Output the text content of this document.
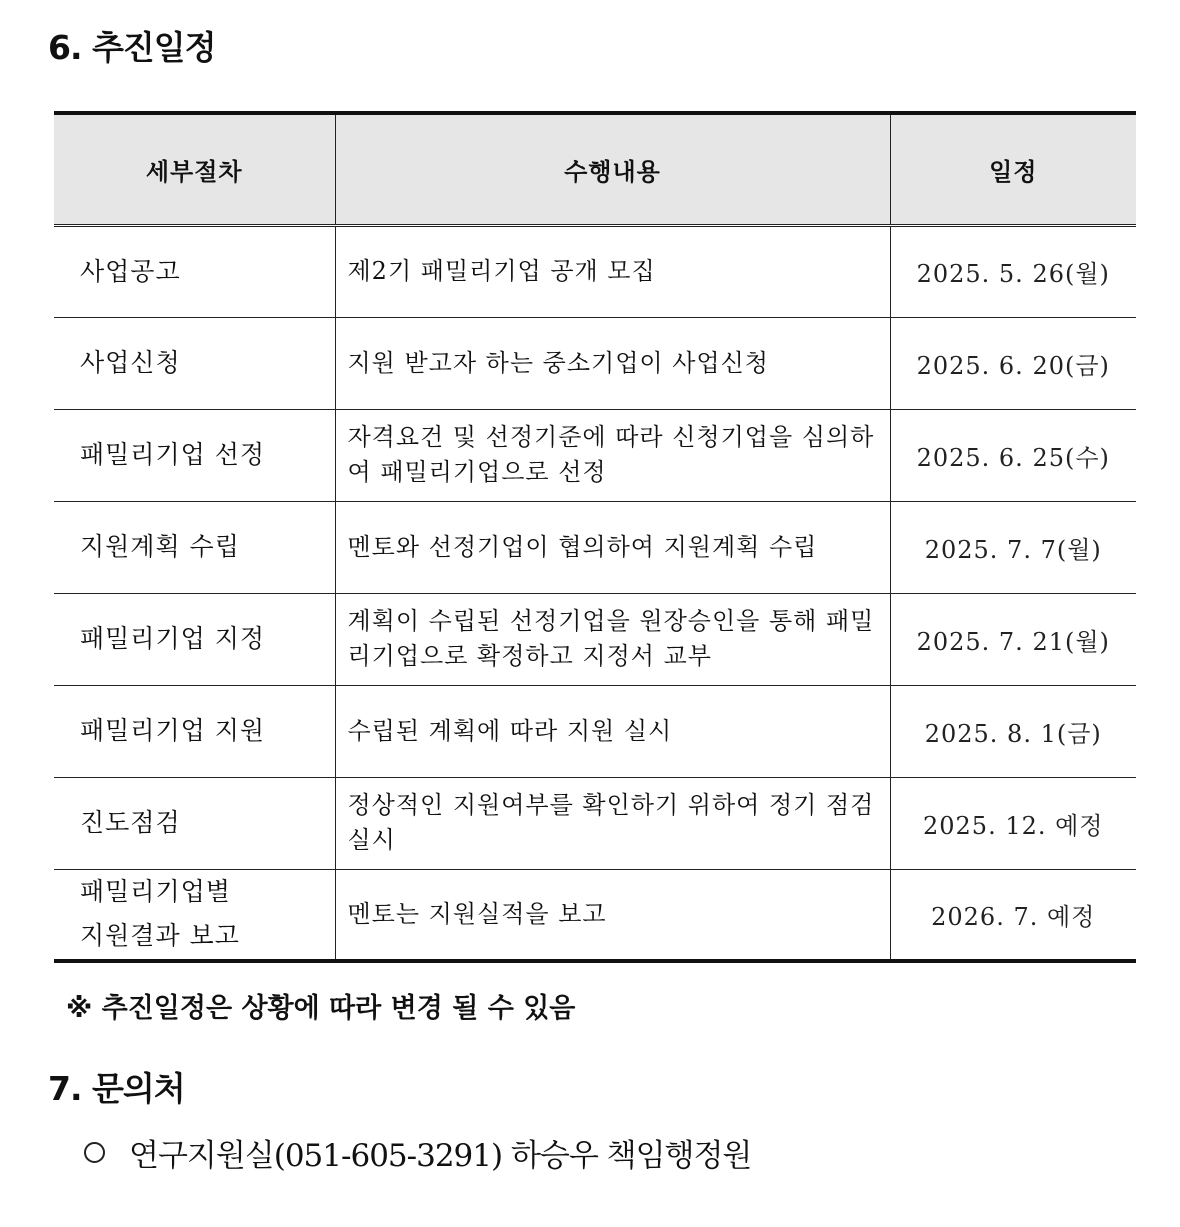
6. 추진일정
세부절차	수행내용	일정
사업공고	제2기 패밀리기업 공개 모집	2025. 5. 26(월)
사업신청	지원 받고자 하는 중소기업이 사업신청	2025. 6. 20(금)
패밀리기업 선정	자격요건 및 선정기준에 따라 신청기업을 심의하여 패밀리기업으로 선정	2025. 6. 25(수)
지원계획 수립	멘토와 선정기업이 협의하여 지원계획 수립	2025. 7. 7(월)
패밀리기업 지정	계획이 수립된 선정기업을 원장승인을 통해 패밀리기업으로 확정하고 지정서 교부	2025. 7. 21(월)
패밀리기업 지원	수립된 계획에 따라 지원 실시	2025. 8. 1(금)
진도점검	정상적인 지원여부를 확인하기 위하여 정기 점검 실시	2025. 12. 예정
패밀리기업별 지원결과 보고	멘토는 지원실적을 보고	2026. 7. 예정

※ 추진일정은 상황에 따라 변경 될 수 있음

7. 문의처
연구지원실(051-605-3291) 하승우 책임행정원
